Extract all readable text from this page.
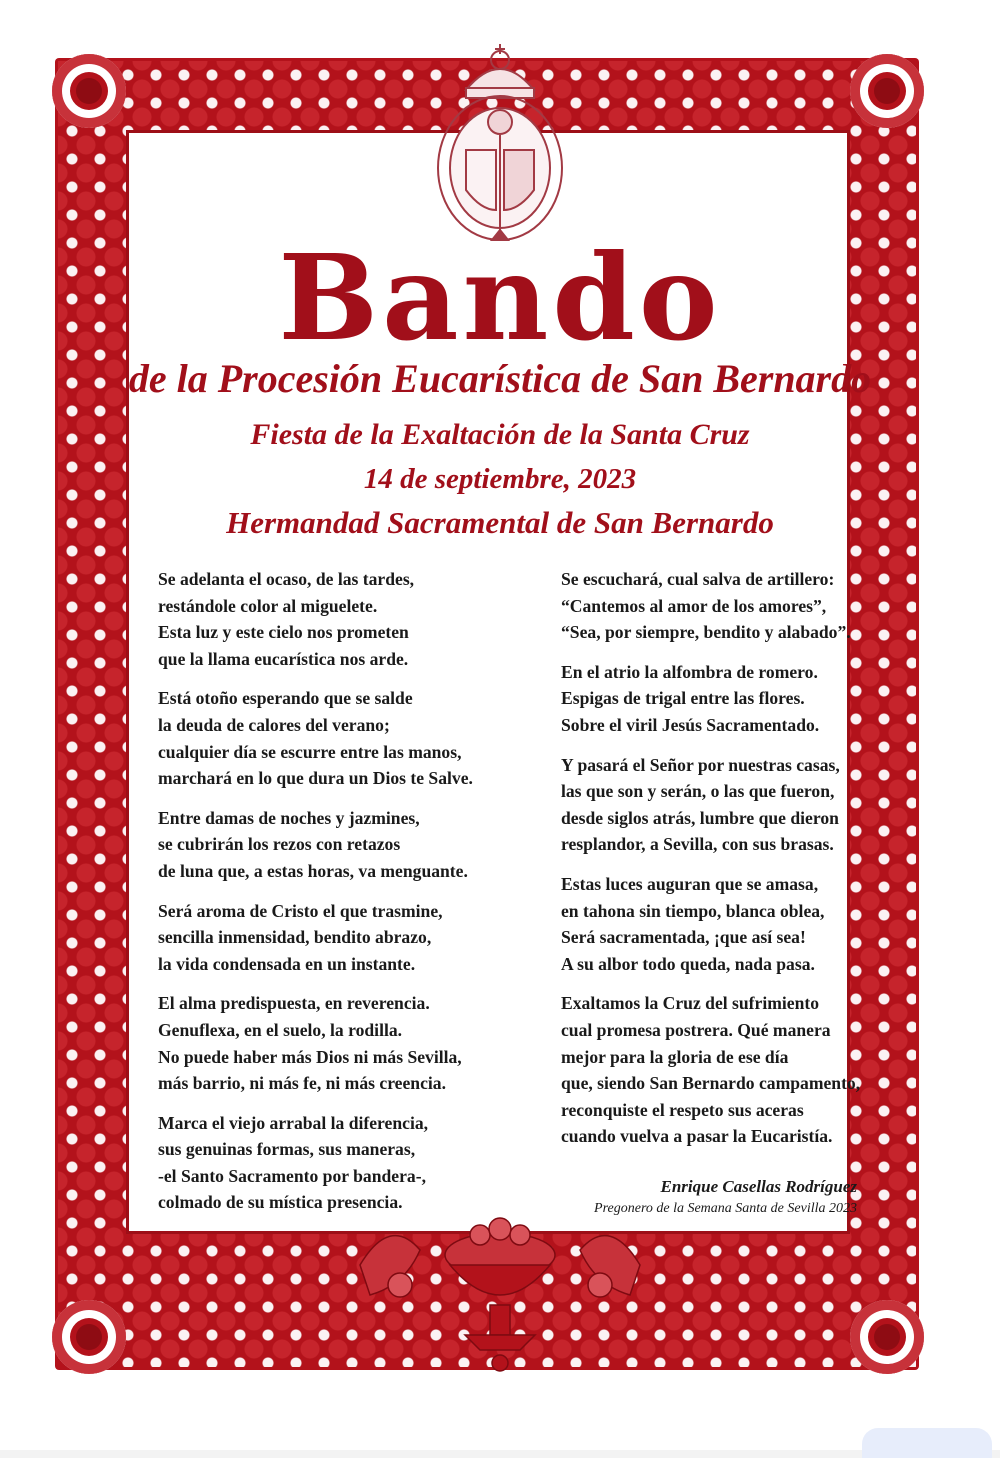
Bando
de la Procesión Eucarística de San Bernardo
Fiesta de la Exaltación de la Santa Cruz
14 de septiembre, 2023
Hermandad Sacramental de San Bernardo
Se adelanta el ocaso, de las tardes,
restándole color al miguelete.
Esta luz y este cielo nos prometen
que la llama eucarística nos arde.
Está otoño esperando que se salde
la deuda de calores del verano;
cualquier día se escurre entre las manos,
marchará en lo que dura un Dios te Salve.
Entre damas de noches y jazmines,
se cubrirán los rezos con retazos
de luna que, a estas horas, va menguante.
Será aroma de Cristo el que trasmine,
sencilla inmensidad, bendito abrazo,
la vida condensada en un instante.
El alma predispuesta, en reverencia.
Genuflexa, en el suelo, la rodilla.
No puede haber más Dios ni más Sevilla,
más barrio, ni más fe, ni más creencia.
Marca el viejo arrabal la diferencia,
sus genuinas formas, sus maneras,
-el Santo Sacramento por bandera-,
colmado de su mística presencia.
Se escuchará, cual salva de artillero:
“Cantemos al amor de los amores”,
“Sea, por siempre, bendito y alabado”.
En el atrio la alfombra de romero.
Espigas de trigal entre las flores.
Sobre el viril Jesús Sacramentado.
Y pasará el Señor por nuestras casas,
las que son y serán, o las que fueron,
desde siglos atrás, lumbre que dieron
resplandor, a Sevilla, con sus brasas.
Estas luces auguran que se amasa,
en tahona sin tiempo, blanca oblea,
Será sacramentada, ¡que así sea!
A su albor todo queda, nada pasa.
Exaltamos la Cruz del sufrimiento
cual promesa postrera. Qué manera
mejor para la gloria de ese día
que, siendo San Bernardo campamento,
reconquiste el respeto sus aceras
cuando vuelva a pasar la Eucaristía.
Enrique Casellas Rodríguez
Pregonero de la Semana Santa de Sevilla 2023
